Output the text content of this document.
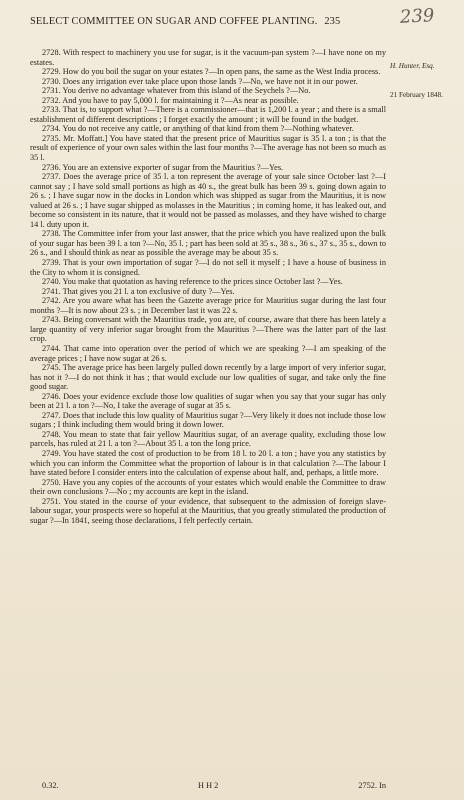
SELECT COMMITTEE ON SUGAR AND COFFEE PLANTING. 235	239
H. Hunter, Esq.
21 February 1848.

2728. With respect to machinery you use for sugar, is it the vacuum-pan system ?—I have none on my estates.

2729. How do you boil the sugar on your estates ?—In open pans, the same as the West India process.

2730. Does any irrigation ever take place upon those lands ?—No, we have not it in our power.

2731. You derive no advantage whatever from this island of the Seychels ?—No.

2732. And you have to pay 5,000 l. for maintaining it ?—As near as possible.

2733. That is, to support what ?—There is a commissioner—that is 1,200 l. a year ; and there is a small establishment of different descriptions ; I forget exactly the amount ; it will be found in the budget.

2734. You do not receive any cattle, or anything of that kind from them ?—Nothing whatever.

2735. Mr. Moffatt.] You have stated that the present price of Mauritius sugar is 35 l. a ton ; is that the result of experience of your own sales within the last four months ?—The average has not been so much as 35 l.

2736. You are an extensive exporter of sugar from the Mauritius ?—Yes.

2737. Does the average price of 35 l. a ton represent the average of your sale since October last ?—I cannot say ; I have sold small portions as high as 40 s., the great bulk has been 39 s. going down again to 26 s. ; I have sugar now in the docks in London which was shipped as sugar from the Mauritius, it is now valued at 26 s. ; I have sugar shipped as molasses in the Mauritius ; in coming home, it has leaked out, and become so consistent in its nature, that it would not be passed as molasses, and they have wished to charge 14 l. duty upon it.

2738. The Committee infer from your last answer, that the price which you have realized upon the bulk of your sugar has been 39 l. a ton ?—No, 35 l. ; part has been sold at 35 s., 38 s., 36 s., 37 s., 35 s., down to 26 s., and I should think as near as possible the average may be about 35 s.

2739. That is your own importation of sugar ?—I do not sell it myself ; I have a house of business in the City to whom it is consigned.

2740. You make that quotation as having reference to the prices since October last ?—Yes.

2741. That gives you 21 l. a ton exclusive of duty ?—Yes.

2742. Are you aware what has been the Gazette average price for Mauritius sugar during the last four months ?—It is now about 23 s. ; in December last it was 22 s.

2743. Being conversant with the Mauritius trade, you are, of course, aware that there has been lately a large quantity of very inferior sugar brought from the Mauritius ?—There was the latter part of the last crop.

2744. That came into operation over the period of which we are speaking ?—I am speaking of the average prices ; I have now sugar at 26 s.

2745. The average price has been largely pulled down recently by a large import of very inferior sugar, has not it ?—I do not think it has ; that would exclude our low qualities of sugar, and take only the fine good sugar.

2746. Does your evidence exclude those low qualities of sugar when you say that your sugar has only been at 21 l. a ton ?—No, I take the average of sugar at 35 s.

2747. Does that include this low quality of Mauritius sugar ?—Very likely it does not include those low sugars ; I think including them would bring it down lower.

2748. You mean to state that fair yellow Mauritius sugar, of an average quality, excluding those low parcels, has ruled at 21 l. a ton ?—About 35 l. a ton the long price.

2749. You have stated the cost of production to be from 18 l. to 20 l. a ton ; have you any statistics by which you can inform the Committee what the proportion of labour is in that calculation ?—The labour I have stated before I consider enters into the calculation of expense about half, and, perhaps, a little more.

2750. Have you any copies of the accounts of your estates which would enable the Committee to draw their own conclusions ?—No ; my accounts are kept in the island.

2751. You stated in the course of your evidence, that subsequent to the admission of foreign slave-labour sugar, your prospects were so hopeful at the Mauritius, that you greatly stimulated the production of sugar ?—In 1841, seeing those declarations, I felt perfectly certain.

0.32.	H H 2	2752. In
